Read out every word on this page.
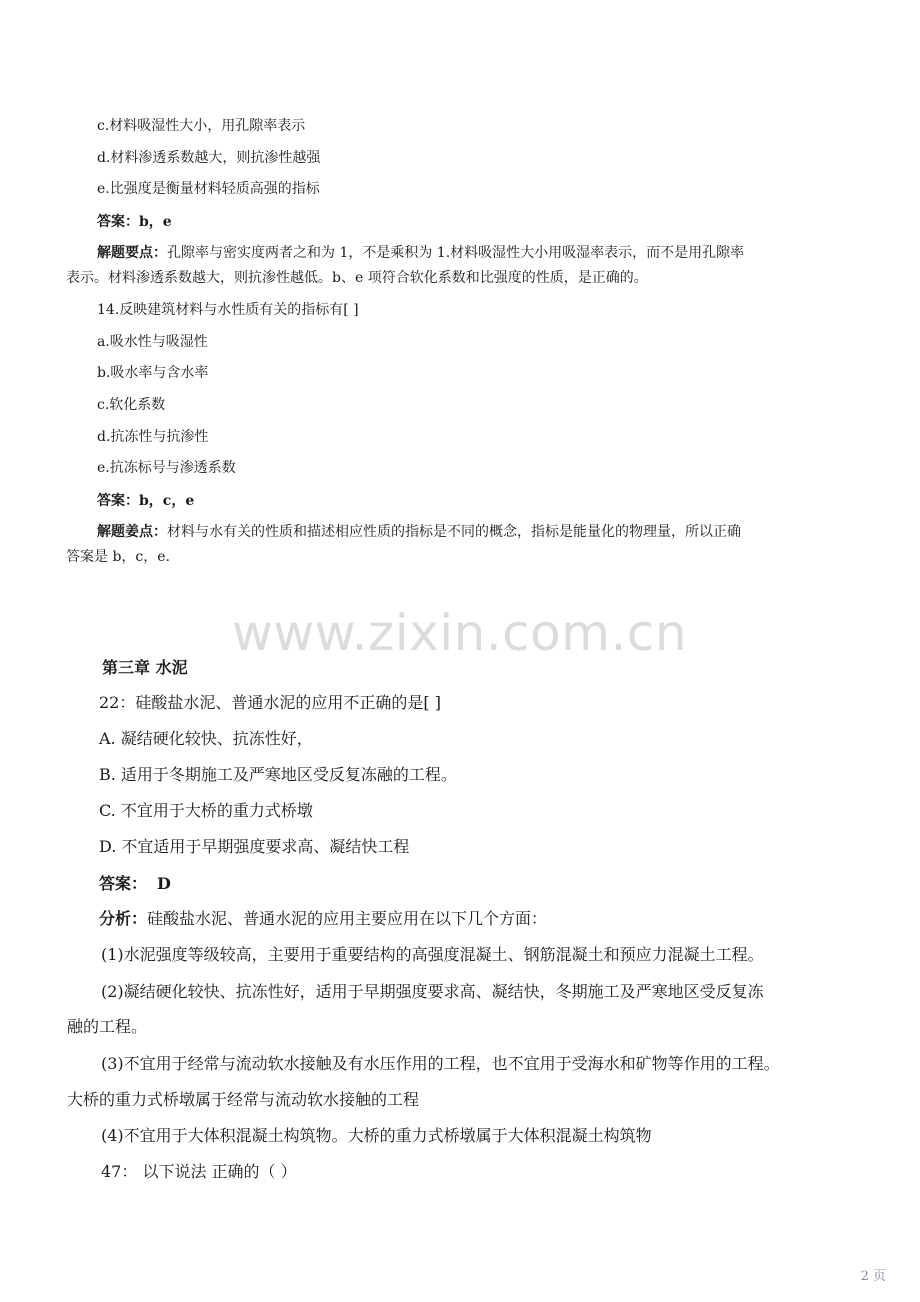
c.材料吸湿性大小，用孔隙率表示
d.材料渗透系数越大，则抗渗性越强
e.比强度是衡量材料轻质高强的指标
答案：b，e
解题要点：孔隙率与密实度两者之和为 1，不是乘积为 1.材料吸湿性大小用吸湿率表示，而不是用孔隙率
表示。材料渗透系数越大，则抗渗性越低。b、e 项符合软化系数和比强度的性质，是正确的。
14.反映建筑材料与水性质有关的指标有[ ]
a.吸水性与吸湿性
b.吸水率与含水率
c.软化系数
d.抗冻性与抗渗性
e.抗冻标号与渗透系数
答案：b，c，e
解题姜点：材料与水有关的性质和描述相应性质的指标是不同的概念，指标是能量化的物理量，所以正确
答案是 b，c，e.
www.zixin.com.cn
第三章 水泥
22：硅酸盐水泥、普通水泥的应用不正确的是[ ]
A. 凝结硬化较快、抗冻性好，
B. 适用于冬期施工及严寒地区受反复冻融的工程。
C. 不宜用于大桥的重力式桥墩
D. 不宜适用于早期强度要求高、凝结快工程
答案： D
分析：硅酸盐水泥、普通水泥的应用主要应用在以下几个方面：
(1)水泥强度等级较高，主要用于重要结构的高强度混凝土、钢筋混凝土和预应力混凝土工程。
(2)凝结硬化较快、抗冻性好，适用于早期强度要求高、凝结快，冬期施工及严寒地区受反复冻
融的工程。
(3)不宜用于经常与流动软水接触及有水压作用的工程，也不宜用于受海水和矿物等作用的工程。
大桥的重力式桥墩属于经常与流动软水接触的工程
(4)不宜用于大体积混凝土构筑物。大桥的重力式桥墩属于大体积混凝土构筑物
47： 以下说法 正确的（ ）
2 页
